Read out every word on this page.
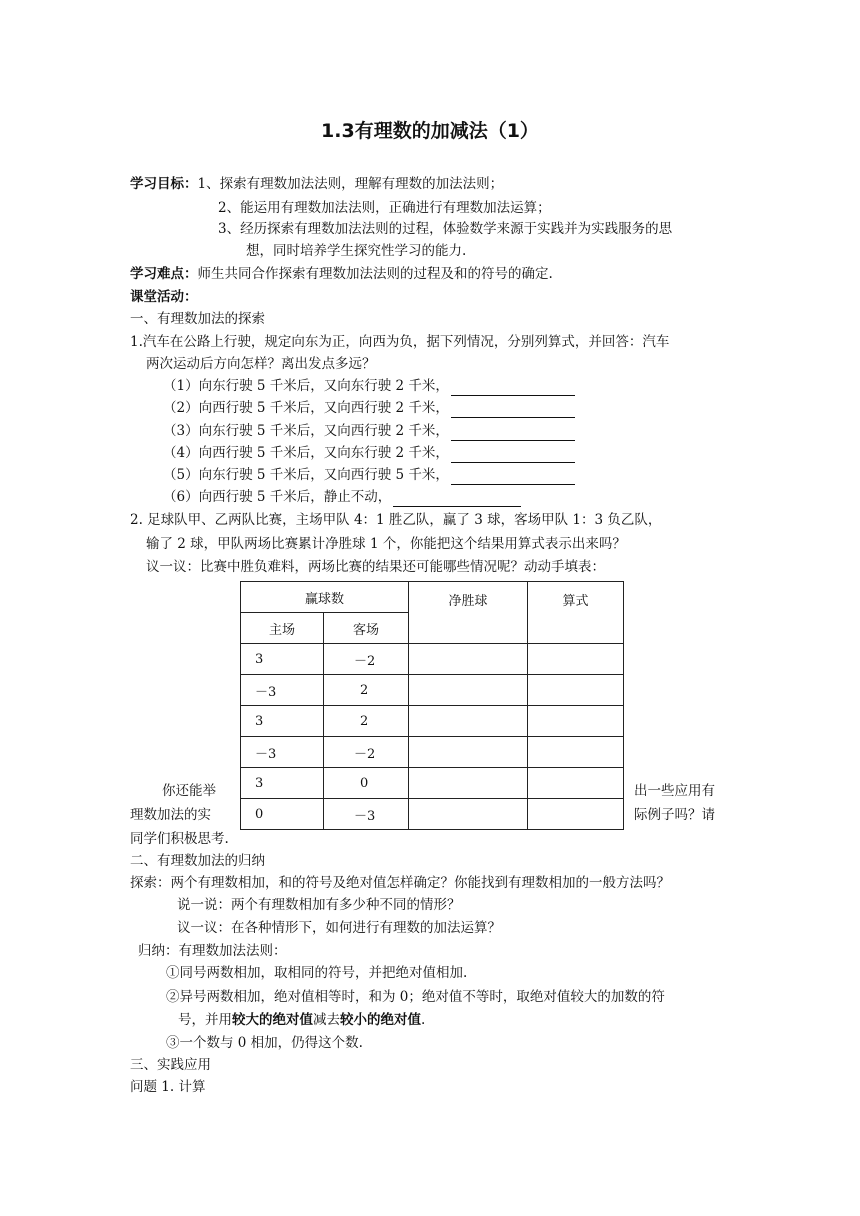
1.3有理数的加减法（1）
学习目标：1、探索有理数加法法则，理解有理数的加法法则；
2、能运用有理数加法法则，正确进行有理数加法运算；
3、经历探索有理数加法法则的过程，体验数学来源于实践并为实践服务的思
想，同时培养学生探究性学习的能力.
学习难点：师生共同合作探索有理数加法法则的过程及和的符号的确定.
课堂活动：
一、有理数加法的探索
1.汽车在公路上行驶，规定向东为正，向西为负，据下列情况，分别列算式，并回答：汽车
两次运动后方向怎样？离出发点多远？
（1）向东行驶 5 千米后，又向东行驶 2 千米，
（2）向西行驶 5 千米后，又向西行驶 2 千米，
（3）向东行驶 5 千米后，又向西行驶 2 千米，
（4）向西行驶 5 千米后，又向东行驶 2 千米，
（5）向东行驶 5 千米后，又向西行驶 5 千米，
（6）向西行驶 5 千米后，静止不动，
2. 足球队甲、乙两队比赛，主场甲队 4：1 胜乙队，赢了 3 球，客场甲队 1：3 负乙队，
输了 2 球，甲队两场比赛累计净胜球 1 个，你能把这个结果用算式表示出来吗？
议一议：比赛中胜负难料，两场比赛的结果还可能哪些情况呢？动动手填表：
赢球数		净胜球	算式
主场	客场		
3	－2		
－3	2		
3	2		
－3	－2		
3	0		
0	－3		
你还能举
理数加法的实
出一些应用有
际例子吗？请
同学们积极思考.
二、有理数加法的归纳
探索：两个有理数相加，和的符号及绝对值怎样确定？你能找到有理数相加的一般方法吗？
说一说：两个有理数相加有多少种不同的情形？
议一议：在各种情形下，如何进行有理数的加法运算？
归纳：有理数加法法则：
①同号两数相加，取相同的符号，并把绝对值相加.
②异号两数相加，绝对值相等时，和为 0；绝对值不等时，取绝对值较大的加数的符
号，并用较大的绝对值减去较小的绝对值.
③一个数与 0 相加，仍得这个数.
三、实践应用
问题 1. 计算
